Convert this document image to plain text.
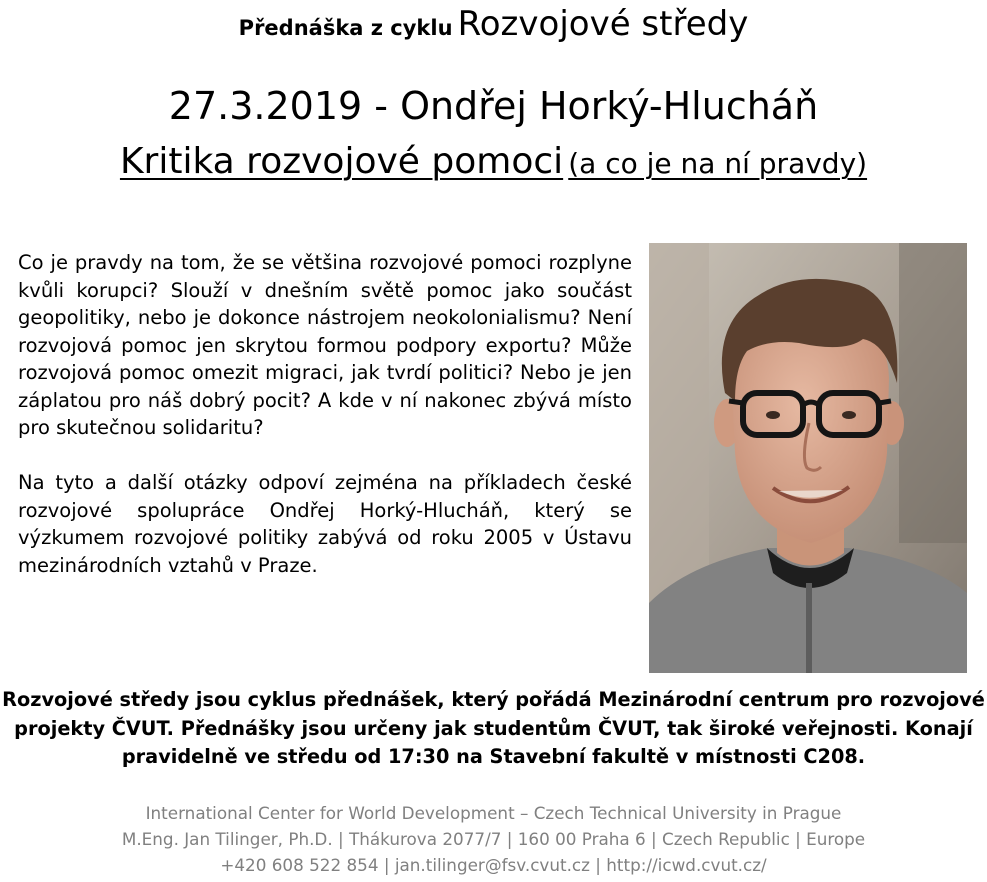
Přednáška z cyklu Rozvojové středy
27.3.2019 - Ondřej Horký-Hlucháň
Kritika rozvojové pomoci (a co je na ní pravdy)

Co je pravdy na tom, že se většina rozvojové pomoci rozplyne kvůli korupci? Slouží v dnešním světě pomoc jako součást geopolitiky, nebo je dokonce nástrojem neokolonialismu? Není rozvojová pomoc jen skrytou formou podpory exportu? Může rozvojová pomoc omezit migraci, jak tvrdí politici? Nebo je jen záplatou pro náš dobrý pocit? A kde v ní nakonec zbývá místo pro skutečnou solidaritu?

Na tyto a další otázky odpoví zejména na příkladech české rozvojové spolupráce Ondřej Horký-Hlucháň, který se výzkumem rozvojové politiky zabývá od roku 2005 v Ústavu mezinárodních vztahů v Praze.

Rozvojové středy jsou cyklus přednášek, který pořádá Mezinárodní centrum pro rozvojové projekty ČVUT. Přednášky jsou určeny jak studentům ČVUT, tak široké veřejnosti. Konají pravidelně ve středu od 17:30 na Stavební fakultě v místnosti C208.
International Center for World Development – Czech Technical University in Prague
M.Eng. Jan Tilinger, Ph.D. | Thákurova 2077/7 | 160 00 Praha 6 | Czech Republic | Europe
+420 608 522 854 | jan.tilinger@fsv.cvut.cz | http://icwd.cvut.cz/
